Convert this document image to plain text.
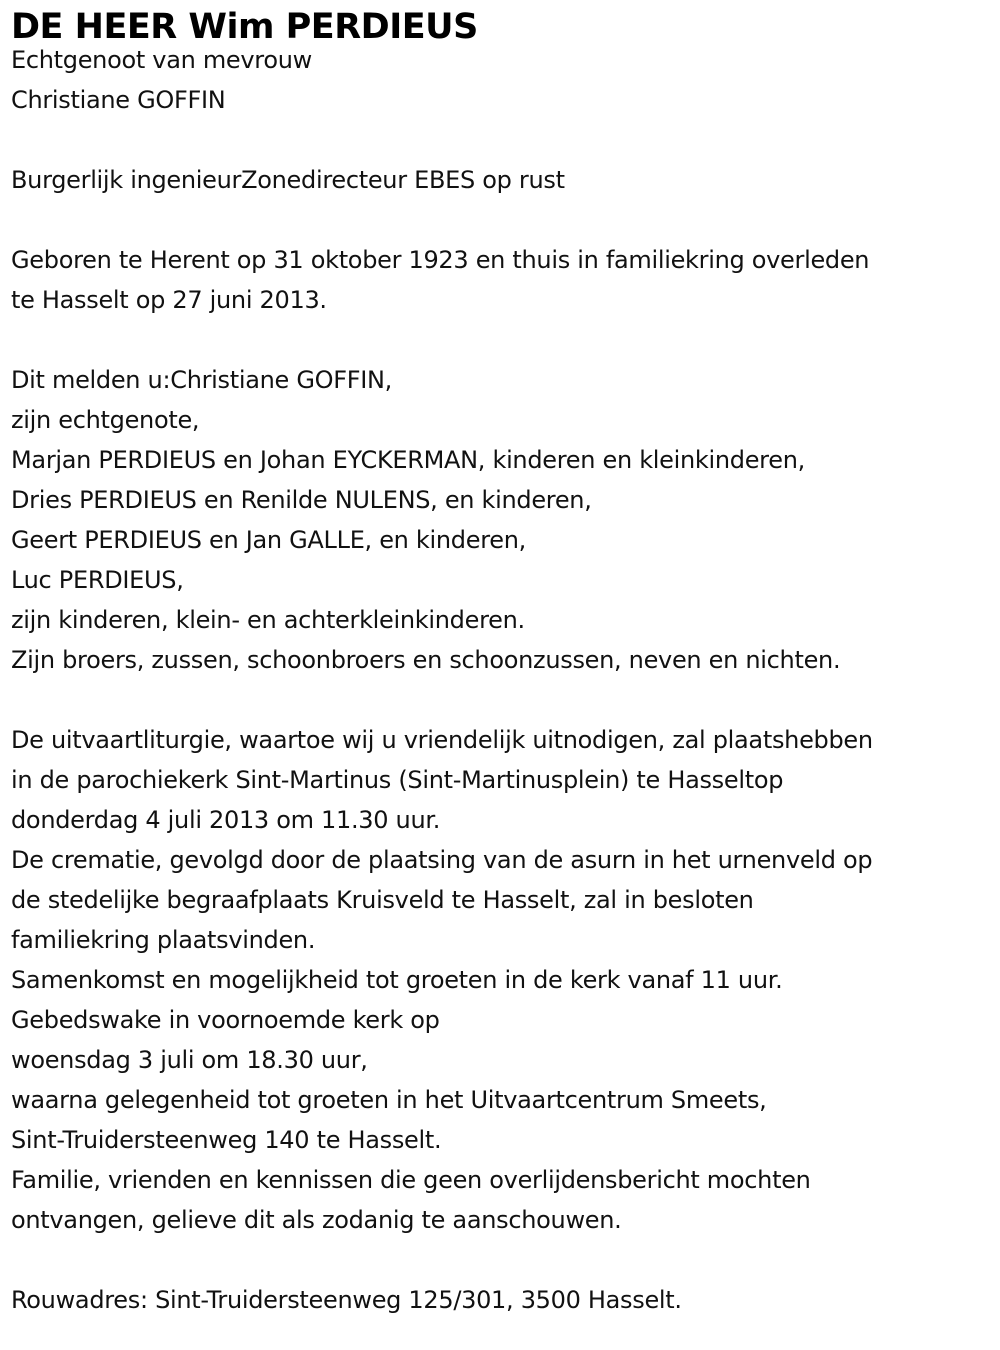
DE HEER Wim PERDIEUS
Echtgenoot van mevrouw
Christiane GOFFIN
Burgerlijk ingenieurZonedirecteur EBES op rust
Geboren te Herent op 31 oktober 1923 en thuis in familiekring overleden
te Hasselt op 27 juni 2013.
Dit melden u:Christiane GOFFIN,
zijn echtgenote,
Marjan PERDIEUS en Johan EYCKERMAN, kinderen en kleinkinderen,
Dries PERDIEUS en Renilde NULENS, en kinderen,
Geert PERDIEUS en Jan GALLE, en kinderen,
Luc PERDIEUS,
zijn kinderen, klein- en achterkleinkinderen.
Zijn broers, zussen, schoonbroers en schoonzussen, neven en nichten.
De uitvaartliturgie, waartoe wij u vriendelijk uitnodigen, zal plaatshebben
in de parochiekerk Sint-Martinus (Sint-Martinusplein) te Hasseltop
donderdag 4 juli 2013 om 11.30 uur.
De crematie, gevolgd door de plaatsing van de asurn in het urnenveld op
de stedelijke begraafplaats Kruisveld te Hasselt, zal in besloten
familiekring plaatsvinden.
Samenkomst en mogelijkheid tot groeten in de kerk vanaf 11 uur.
Gebedswake in voornoemde kerk op
woensdag 3 juli om 18.30 uur,
waarna gelegenheid tot groeten in het Uitvaartcentrum Smeets,
Sint-Truidersteenweg 140 te Hasselt.
Familie, vrienden en kennissen die geen overlijdensbericht mochten
ontvangen, gelieve dit als zodanig te aanschouwen.
Rouwadres: Sint-Truidersteenweg 125/301, 3500 Hasselt.
